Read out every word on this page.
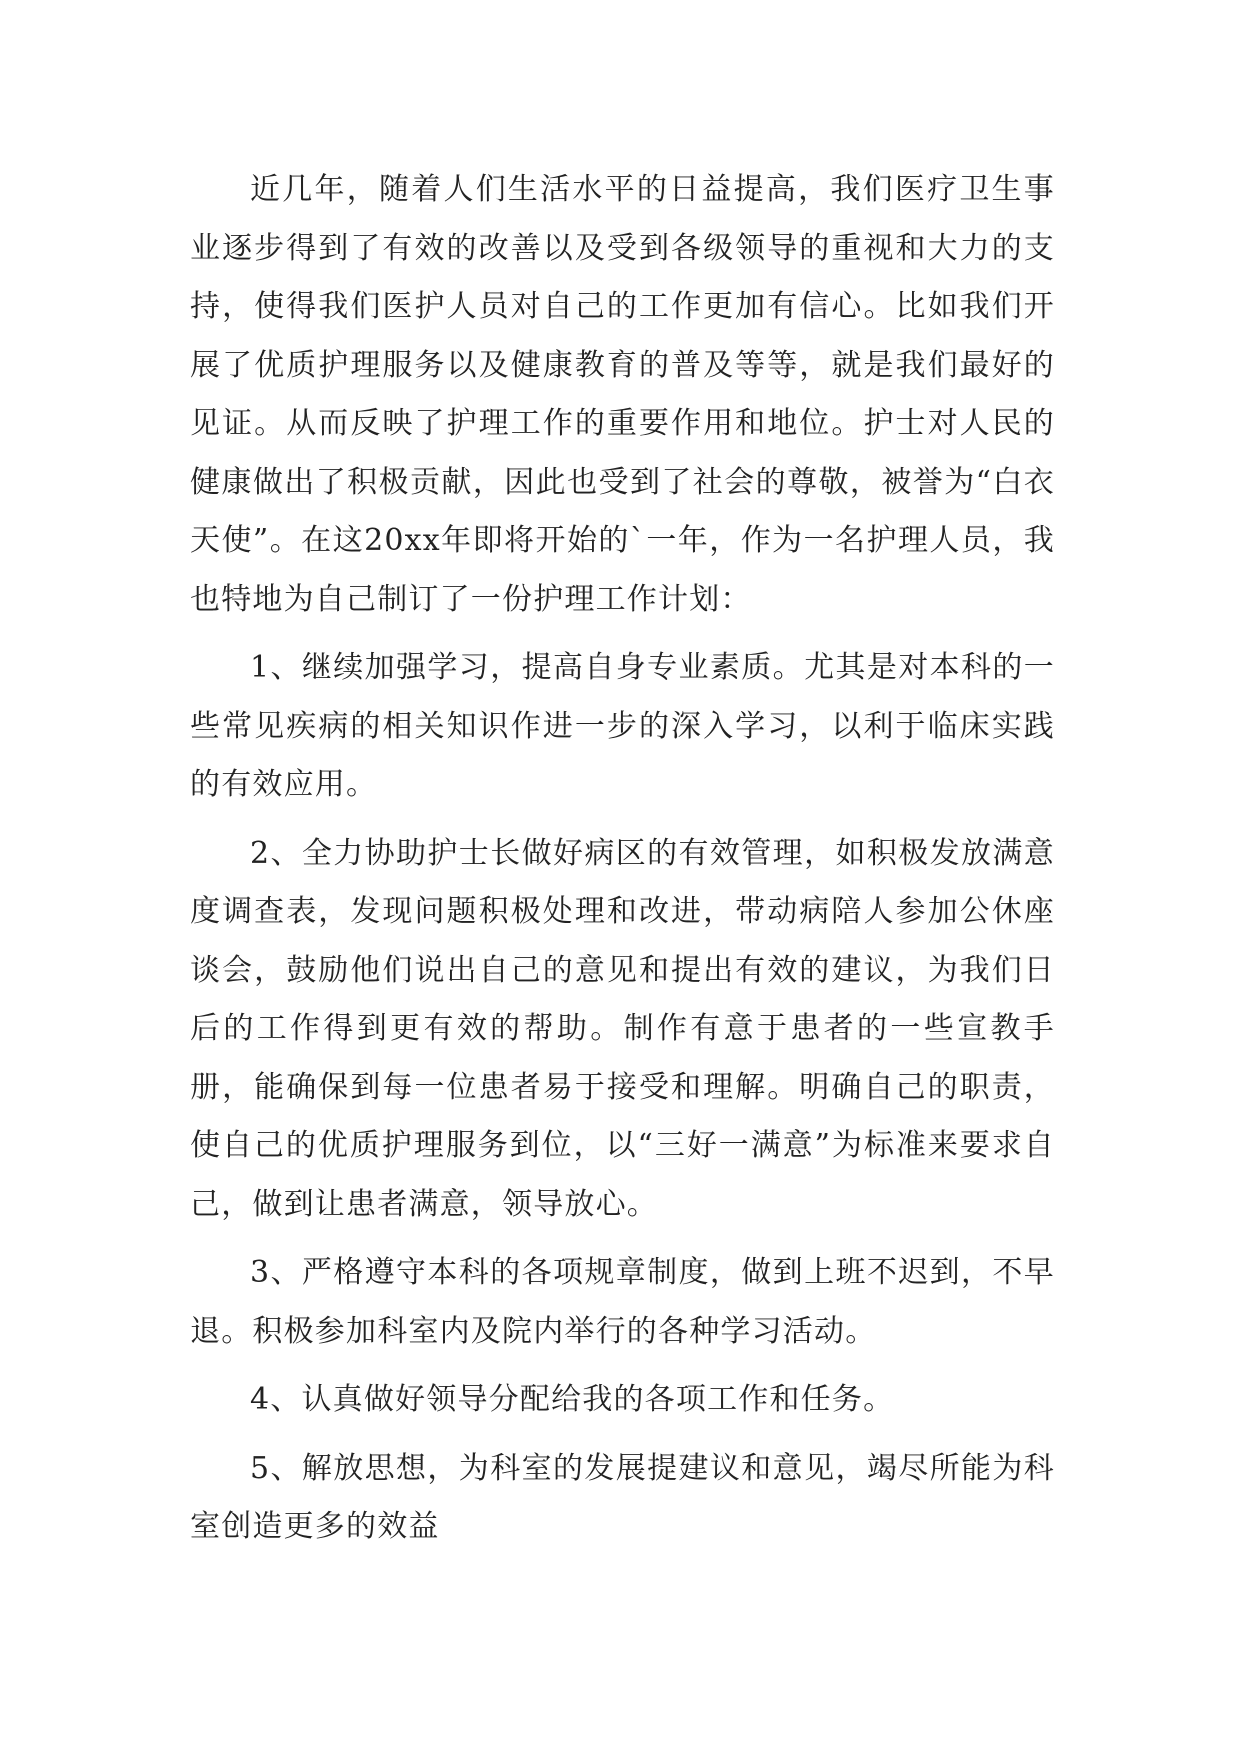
近几年，随着人们生活水平的日益提高，我们医疗卫生事业逐步得到了有效的改善以及受到各级领导的重视和大力的支持，使得我们医护人员对自己的工作更加有信心。比如我们开展了优质护理服务以及健康教育的普及等等，就是我们最好的见证。从而反映了护理工作的重要作用和地位。护士对人民的健康做出了积极贡献，因此也受到了社会的尊敬，被誉为“白衣天使”。在这20xx年即将开始的`一年，作为一名护理人员，我也特地为自己制订了一份护理工作计划：

1、继续加强学习，提高自身专业素质。尤其是对本科的一些常见疾病的相关知识作进一步的深入学习，以利于临床实践的有效应用。

2、全力协助护士长做好病区的有效管理，如积极发放满意度调查表，发现问题积极处理和改进，带动病陪人参加公休座谈会，鼓励他们说出自己的意见和提出有效的建议，为我们日后的工作得到更有效的帮助。制作有意于患者的一些宣教手册，能确保到每一位患者易于接受和理解。明确自己的职责，使自己的优质护理服务到位，以“三好一满意”为标准来要求自己，做到让患者满意，领导放心。

3、严格遵守本科的各项规章制度，做到上班不迟到，不早退。积极参加科室内及院内举行的各种学习活动。

4、认真做好领导分配给我的各项工作和任务。

5、解放思想，为科室的发展提建议和意见，竭尽所能为科室创造更多的效益
